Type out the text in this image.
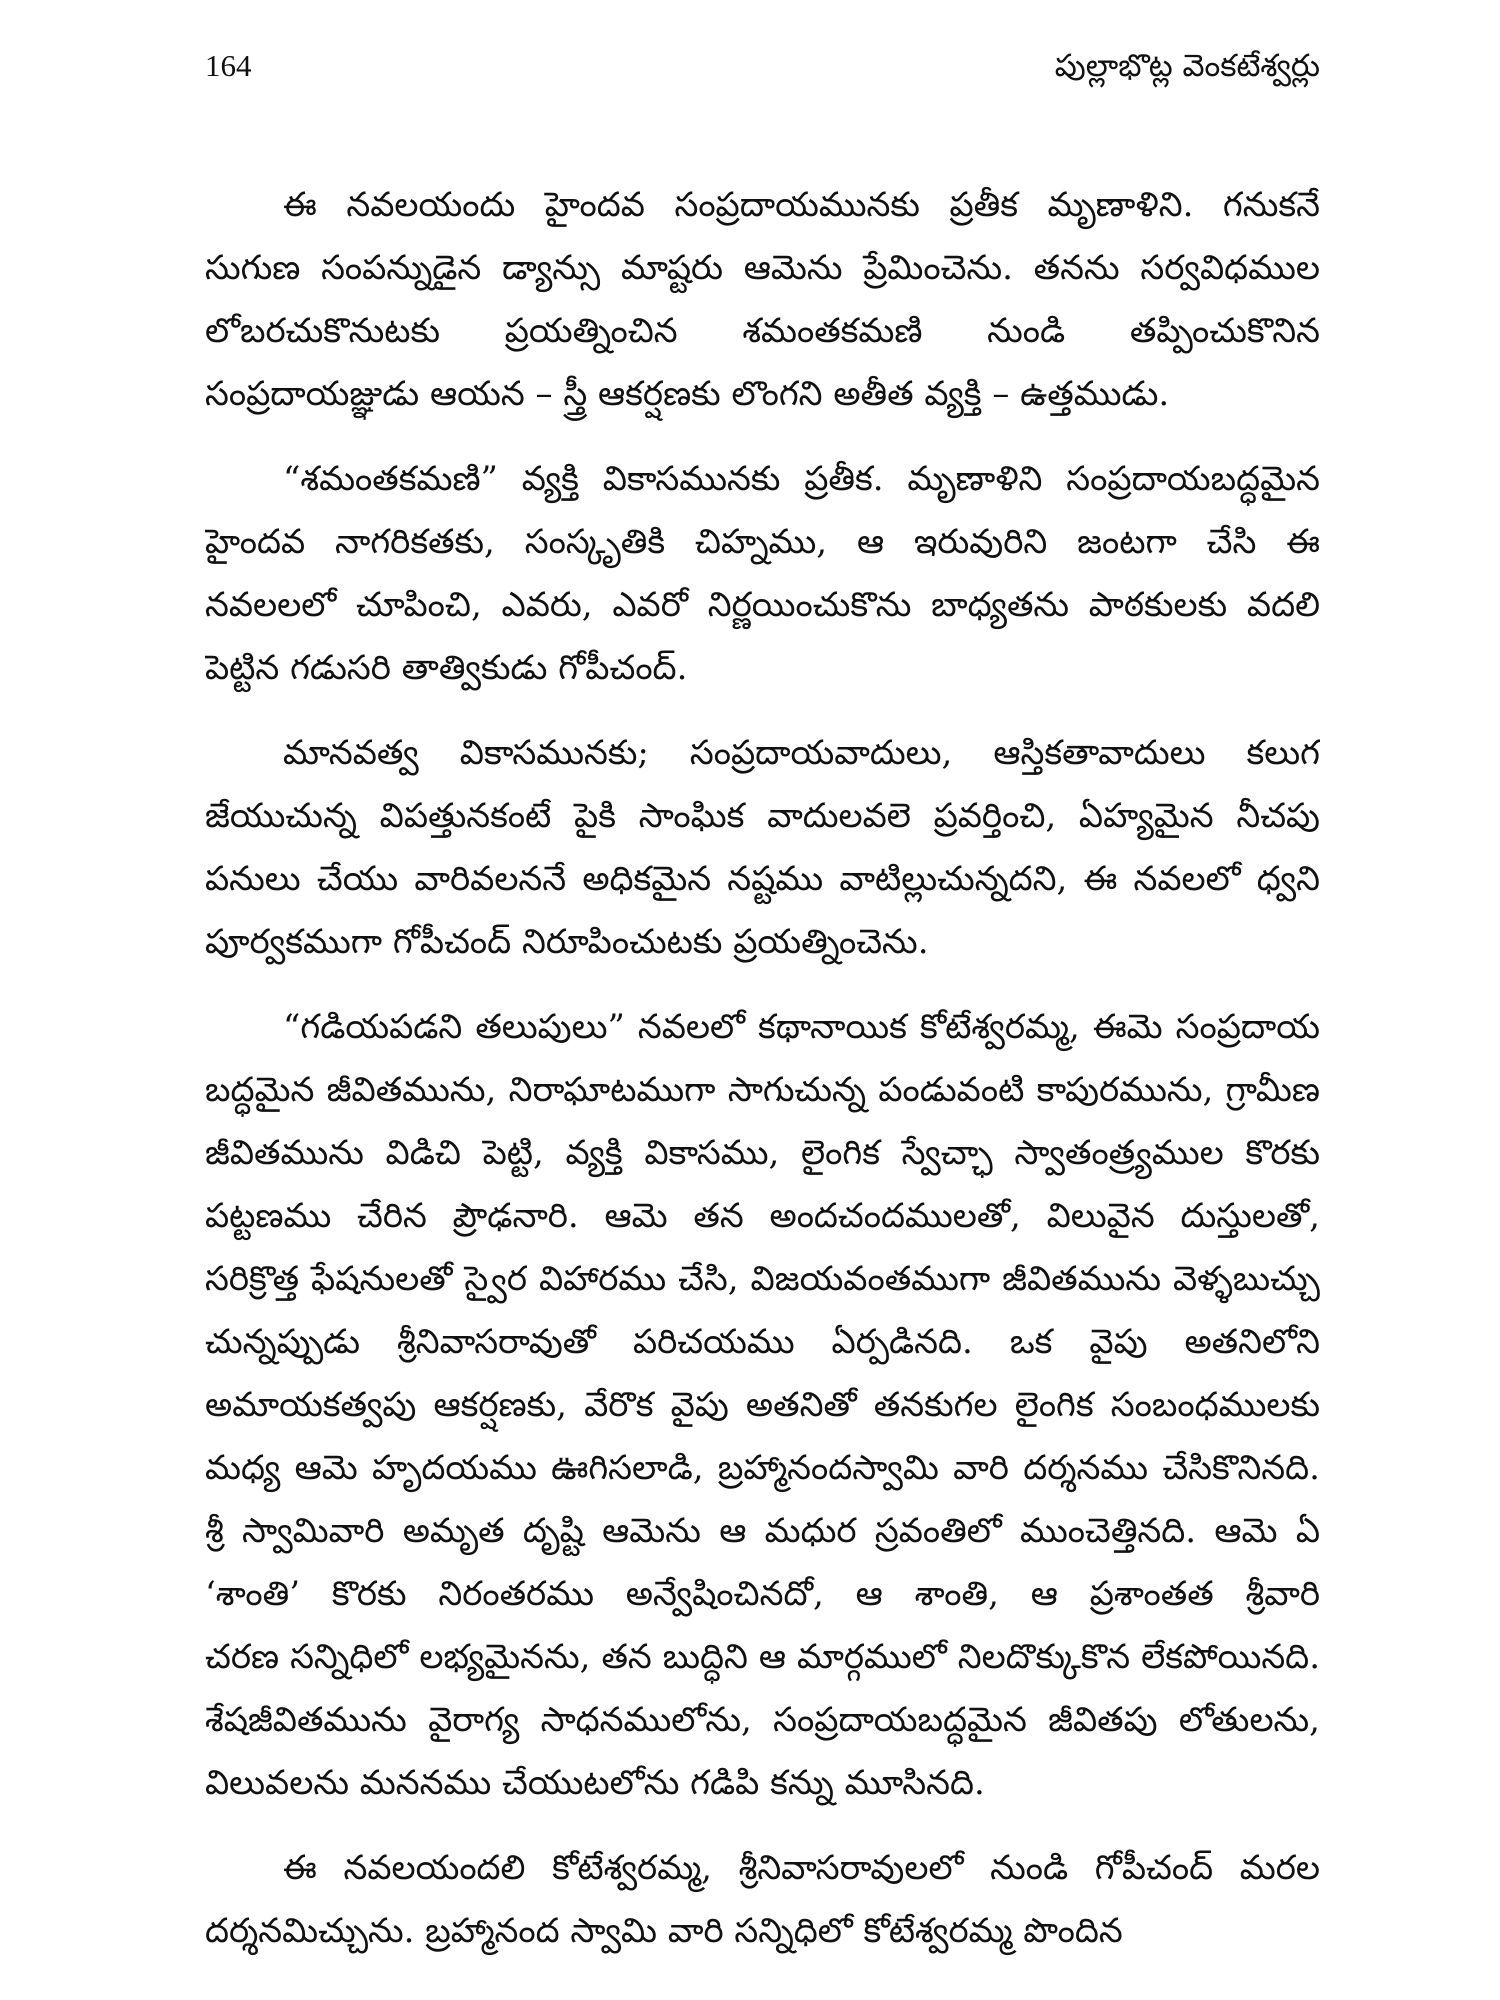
164	పుల్లాభొట్ల వెంకటేశ్వర్లు
ఈ నవలయందు హైందవ సంప్రదాయమునకు ప్రతీక మృణాళిని. గనుకనే
సుగుణ సంపన్నుడైన డ్యాన్సు మాష్టరు ఆమెను ప్రేమించెను. తనను సర్వవిధముల
లోబరచుకొనుటకు ప్రయత్నించిన శమంతకమణి నుండి తప్పించుకొనిన
సంప్రదాయజ్ఞుడు ఆయన – స్త్రీ ఆకర్షణకు లొంగని అతీత వ్యక్తి – ఉత్తముడు.
“శమంతకమణి” వ్యక్తి వికాసమునకు ప్రతీక. మృణాళిని సంప్రదాయబద్ధమైన
హైందవ నాగరికతకు, సంస్కృతికి చిహ్నము, ఆ ఇరువురిని జంటగా చేసి ఈ
నవలలలో చూపించి, ఎవరు, ఎవరో నిర్ణయించుకొను బాధ్యతను పాఠకులకు వదలి
పెట్టిన గడుసరి తాత్వికుడు గోపీచంద్.
మానవత్వ వికాసమునకు; సంప్రదాయవాదులు, ఆస్తికతావాదులు కలుగ
జేయుచున్న విపత్తునకంటే పైకి సాంఘిక వాదులవలె ప్రవర్తించి, ఏహ్యమైన నీచపు
పనులు చేయు వారివలననే అధికమైన నష్టము వాటిల్లుచున్నదని, ఈ నవలలో ధ్వని
పూర్వకముగా గోపీచంద్ నిరూపించుటకు ప్రయత్నించెను.
“గడియపడని తలుపులు” నవలలో కథానాయిక కోటేశ్వరమ్మ, ఈమె సంప్రదాయ
బద్ధమైన జీవితమును, నిరాఘాటముగా సాగుచున్న పండువంటి కాపురమును, గ్రామీణ
జీవితమును విడిచి పెట్టి, వ్యక్తి వికాసము, లైంగిక స్వేచ్ఛా స్వాతంత్ర్యముల కొరకు
పట్టణము చేరిన ప్రౌఢనారి. ఆమె తన అందచందములతో, విలువైన దుస్తులతో,
సరిక్రొత్త ఫేషనులతో స్వైర విహారము చేసి, విజయవంతముగా జీవితమును వెళ్ళబుచ్చు
చున్నప్పుడు శ్రీనివాసరావుతో పరిచయము ఏర్పడినది. ఒక వైపు అతనిలోని
అమాయకత్వపు ఆకర్షణకు, వేరొక వైపు అతనితో తనకుగల లైంగిక సంబంధములకు
మధ్య ఆమె హృదయము ఊగిసలాడి, బ్రహ్మానందస్వామి వారి దర్శనము చేసికొనినది.
శ్రీ స్వామివారి అమృత దృష్టి ఆమెను ఆ మధుర స్రవంతిలో ముంచెత్తినది. ఆమె ఏ
‘శాంతి’ కొరకు నిరంతరము అన్వేషించినదో, ఆ శాంతి, ఆ ప్రశాంతత శ్రీవారి
చరణ సన్నిధిలో లభ్యమైనను, తన బుద్ధిని ఆ మార్గములో నిలదొక్కుకొన లేకపోయినది.
శేషజీవితమును వైరాగ్య సాధనములోను, సంప్రదాయబద్ధమైన జీవితపు లోతులను,
విలువలను మననము చేయుటలోను గడిపి కన్ను మూసినది.
ఈ నవలయందలి కోటేశ్వరమ్మ, శ్రీనివాసరావులలో నుండి గోపీచంద్ మరల
దర్శనమిచ్చును. బ్రహ్మానంద స్వామి వారి సన్నిధిలో కోటేశ్వరమ్మ పొందిన
